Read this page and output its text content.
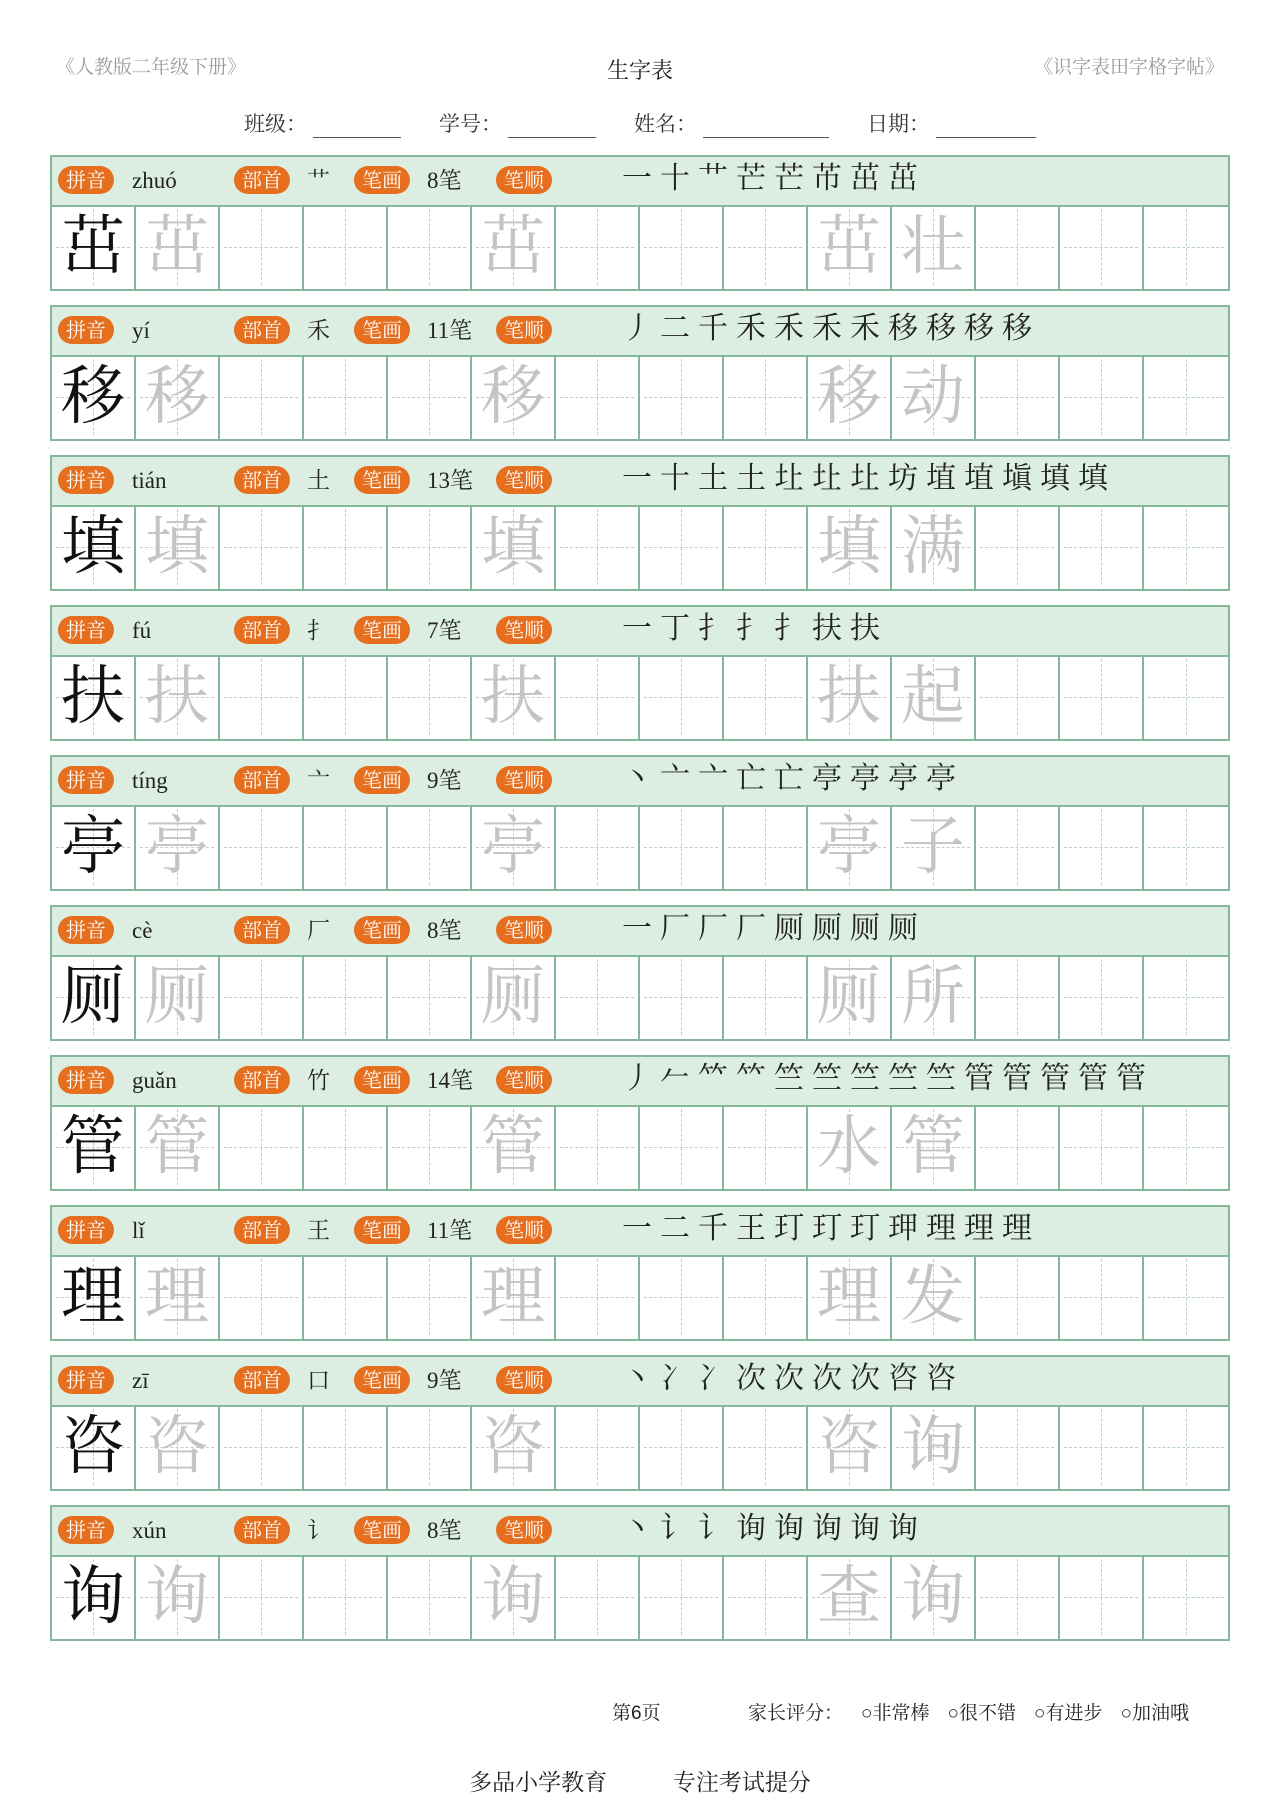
《人教版二年级下册》	生字表	《识字表田字格字帖》
班级：	学号：	姓名：	日期：
拼音	zhuó	部首	艹	笔画	8笔	笔顺	一十艹芒芒芇茁茁
茁 茁	茁	茁 壮
拼音	yí	部首	禾	笔画	11笔	笔顺	丿二千禾禾禾禾移移移移
移 移	移	移 动
拼音	tián	部首	土	笔画	13笔	笔顺	一十土土圵圵圵坊埴埴塡填填
填 填	填	填 满
拼音	fú	部首	扌	笔画	7笔	笔顺	一丁扌扌扌扶扶
扶 扶	扶	扶 起
拼音	tíng	部首	亠	笔画	9笔	笔顺	丶亠亠亡亡亭亭亭亭
亭 亭	亭	亭 子
拼音	cè	部首	厂	笔画	8笔	笔顺	一厂厂厂厕厕厕厕
厕 厕	厕	厕 所
拼音	guǎn	部首	竹	笔画	14笔	笔顺	丿𠂉𥫗𥫗竺竺竺竺竺管管管管管
管 管	管	水 管
拼音	lǐ	部首	王	笔画	11笔	笔顺	一二千王玎玎玎玾理理理
理 理	理	理 发
拼音	zī	部首	口	笔画	9笔	笔顺	丶冫冫次次次次咨咨
咨 咨	咨	咨 询
拼音	xún	部首	讠	笔画	8笔	笔顺	丶讠讠询询询询询
询 询	询	查 询
第6页	家长评分： ○非常棒 ○很不错 ○有进步 ○加油哦
多品小学教育	专注考试提分
